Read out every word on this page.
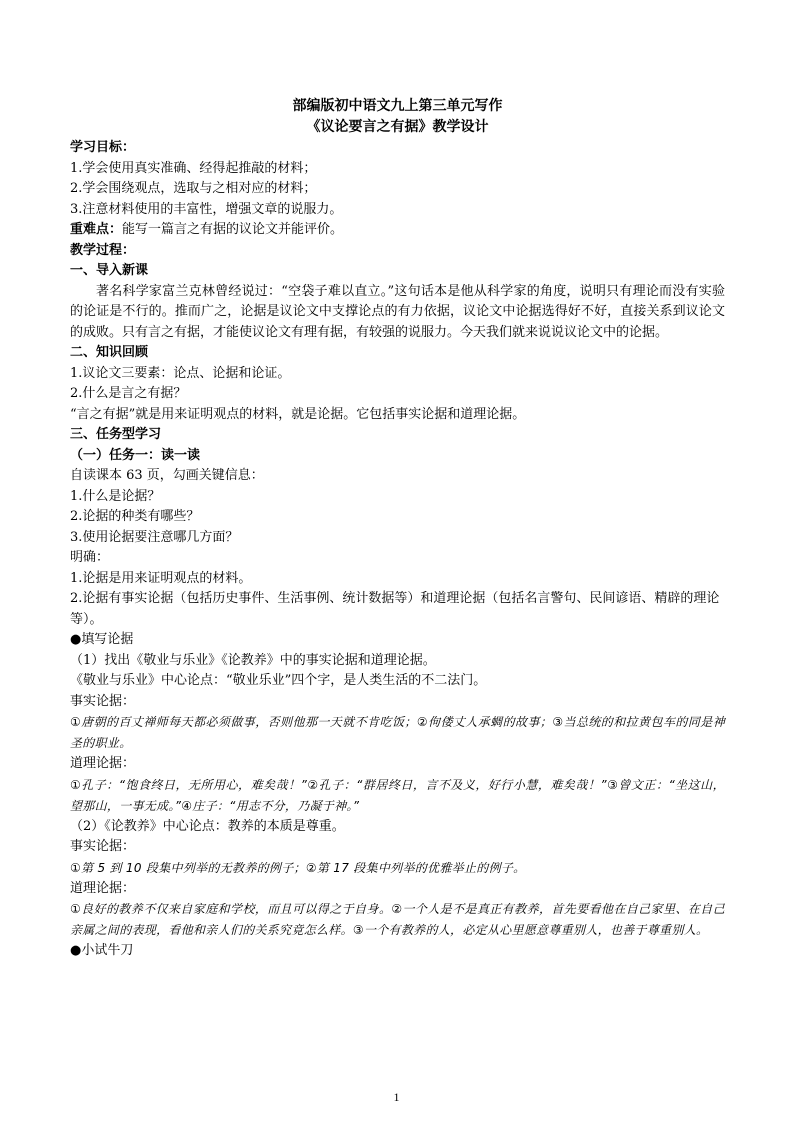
部编版初中语文九上第三单元写作

《议论要言之有据》教学设计

学习目标：

1.学会使用真实准确、经得起推敲的材料；

2.学会围绕观点，选取与之相对应的材料；

3.注意材料使用的丰富性，增强文章的说服力。

重难点：能写一篇言之有据的议论文并能评价。

教学过程：

一、导入新课

著名科学家富兰克林曾经说过：“空袋子难以直立。”这句话本是他从科学家的角度，说明只有理论而没有实验的论证是不行的。推而广之，论据是议论文中支撑论点的有力依据，议论文中论据选得好不好，直接关系到议论文的成败。只有言之有据，才能使议论文有理有据，有较强的说服力。今天我们就来说说议论文中的论据。

二、知识回顾

1.议论文三要素：论点、论据和论证。

2.什么是言之有据？

“言之有据”就是用来证明观点的材料，就是论据。它包括事实论据和道理论据。

三、任务型学习

（一）任务一：读一读

自读课本 63 页，勾画关键信息：

1.什么是论据？

2.论据的种类有哪些？

3.使用论据要注意哪几方面？

明确：

1.论据是用来证明观点的材料。

2.论据有事实论据（包括历史事件、生活事例、统计数据等）和道理论据（包括名言警句、民间谚语、精辟的理论等）。

●填写论据

（1）找出《敬业与乐业》《论教养》中的事实论据和道理论据。

《敬业与乐业》中心论点：“敬业乐业”四个字，是人类生活的不二法门。

事实论据：

①唐朝的百丈禅师每天都必须做事，否则他那一天就不肯吃饭；②佝偻丈人承蜩的故事；③当总统的和拉黄包车的同是神圣的职业。

道理论据：

①孔子：“饱食终日，无所用心，难矣哉！”②孔子：“群居终日，言不及义，好行小慧，难矣哉！”③曾文正：“坐这山，望那山，一事无成。”④庄子：“用志不分，乃凝于神。”

（2）《论教养》中心论点：教养的本质是尊重。

事实论据：

①第 5 到 10 段集中列举的无教养的例子；②第 17 段集中列举的优雅举止的例子。

道理论据：

①良好的教养不仅来自家庭和学校，而且可以得之于自身。②一个人是不是真正有教养，首先要看他在自己家里、在自己亲属之间的表现，看他和亲人们的关系究竟怎么样。③一个有教养的人，必定从心里愿意尊重别人，也善于尊重别人。

●小试牛刀

1
